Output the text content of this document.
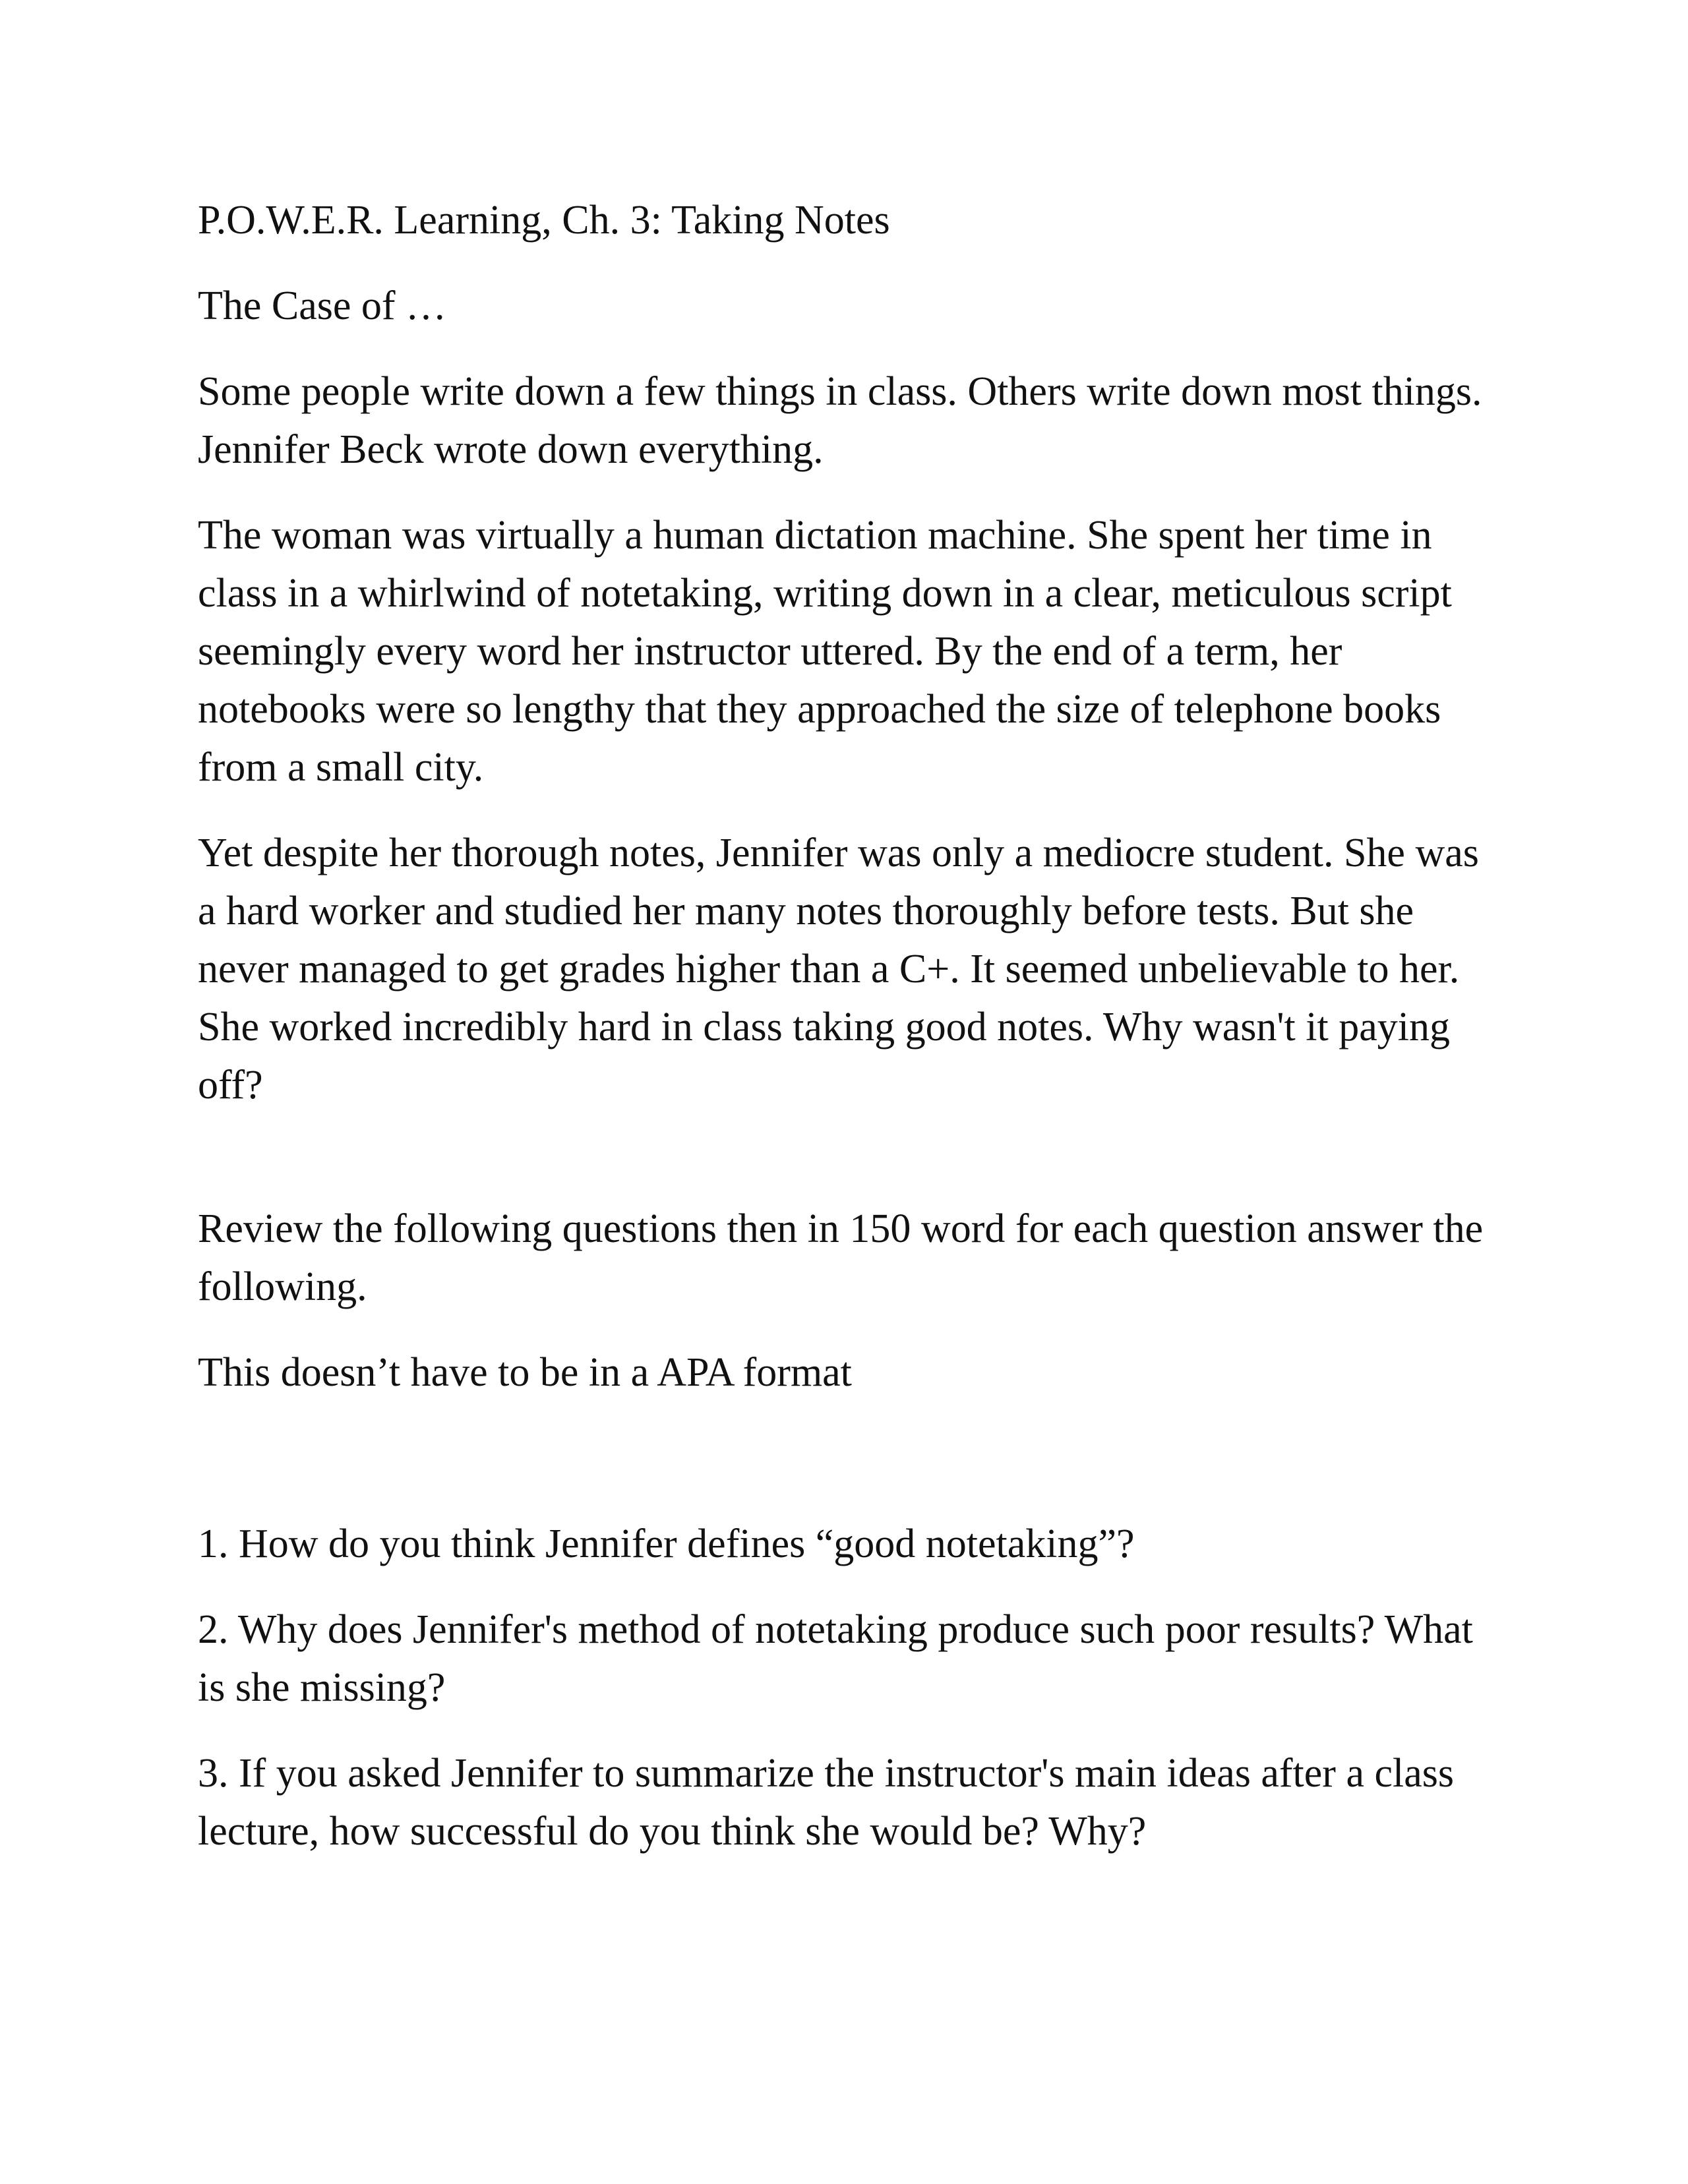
P.O.W.E.R. Learning, Ch. 3: Taking Notes

The Case of …

Some people write down a few things in class. Others write down most things. Jennifer Beck wrote down everything.

The woman was virtually a human dictation machine. She spent her time in class in a whirlwind of notetaking, writing down in a clear, meticulous script seemingly every word her instructor uttered. By the end of a term, her notebooks were so lengthy that they approached the size of telephone books from a small city.

Yet despite her thorough notes, Jennifer was only a mediocre student. She was a hard worker and studied her many notes thoroughly before tests. But she never managed to get grades higher than a C+. It seemed unbelievable to her. She worked incredibly hard in class taking good notes. Why wasn't it paying off?

Review the following questions then in 150 word for each question answer the following.

This doesn’t have to be in a APA format

1. How do you think Jennifer defines “good notetaking”?

2. Why does Jennifer's method of notetaking produce such poor results? What is she missing?

3. If you asked Jennifer to summarize the instructor's main ideas after a class lecture, how successful do you think she would be? Why?
